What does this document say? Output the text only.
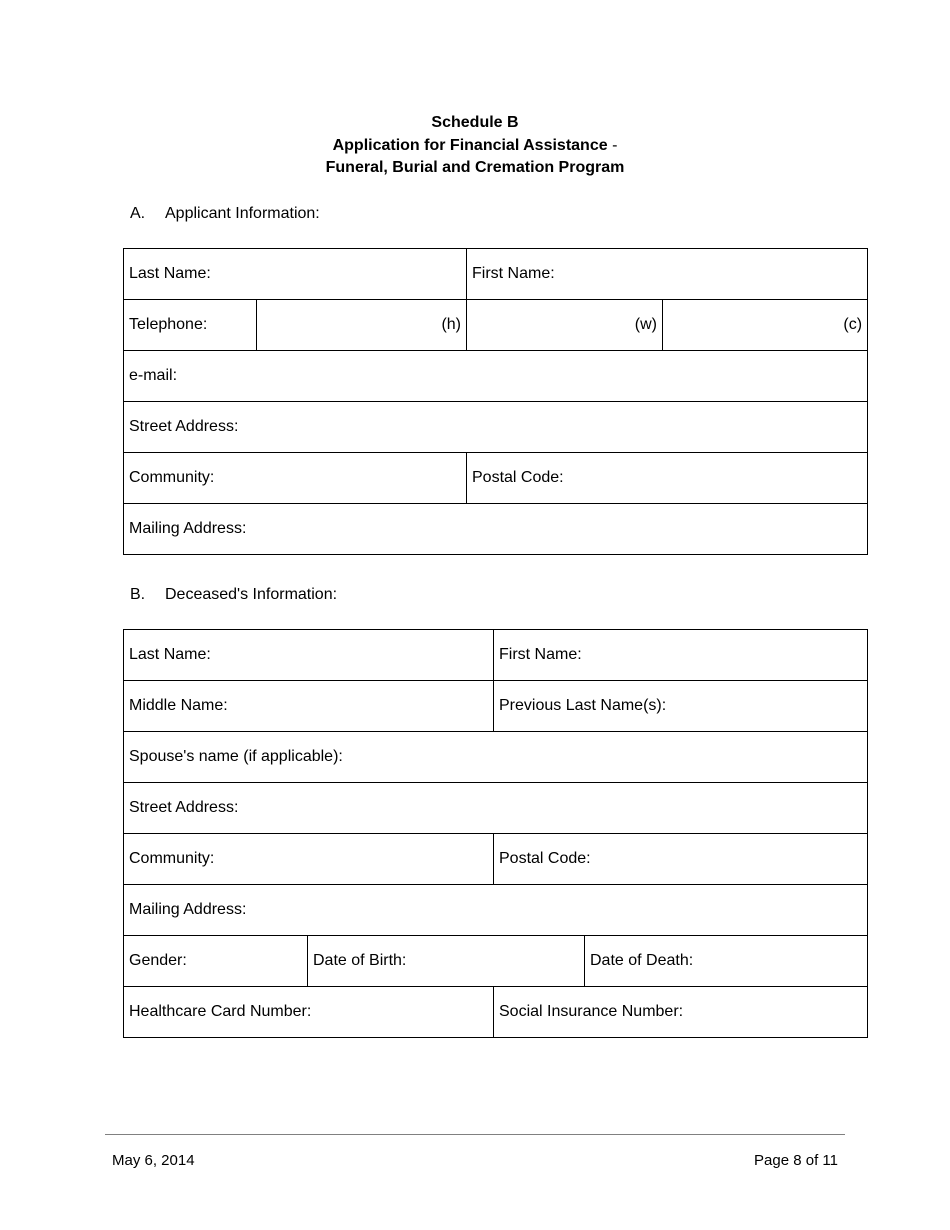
Schedule B
Application for Financial Assistance -
Funeral, Burial and Cremation Program
A. Applicant Information:
Last Name:		First Name:	
Telephone:	(h)	(w)	(c)
e-mail:			
Street Address:			
Community:		Postal Code:	
Mailing Address:			
B. Deceased's Information:
Last Name:		First Name:	
Middle Name:		Previous Last Name(s):	
Spouse's name (if applicable):			
Street Address:			
Community:		Postal Code:	
Mailing Address:			
Gender:	Date of Birth:		Date of Death:
Healthcare Card Number:		Social Insurance Number:	
May 6, 2014	Page 8 of 11
